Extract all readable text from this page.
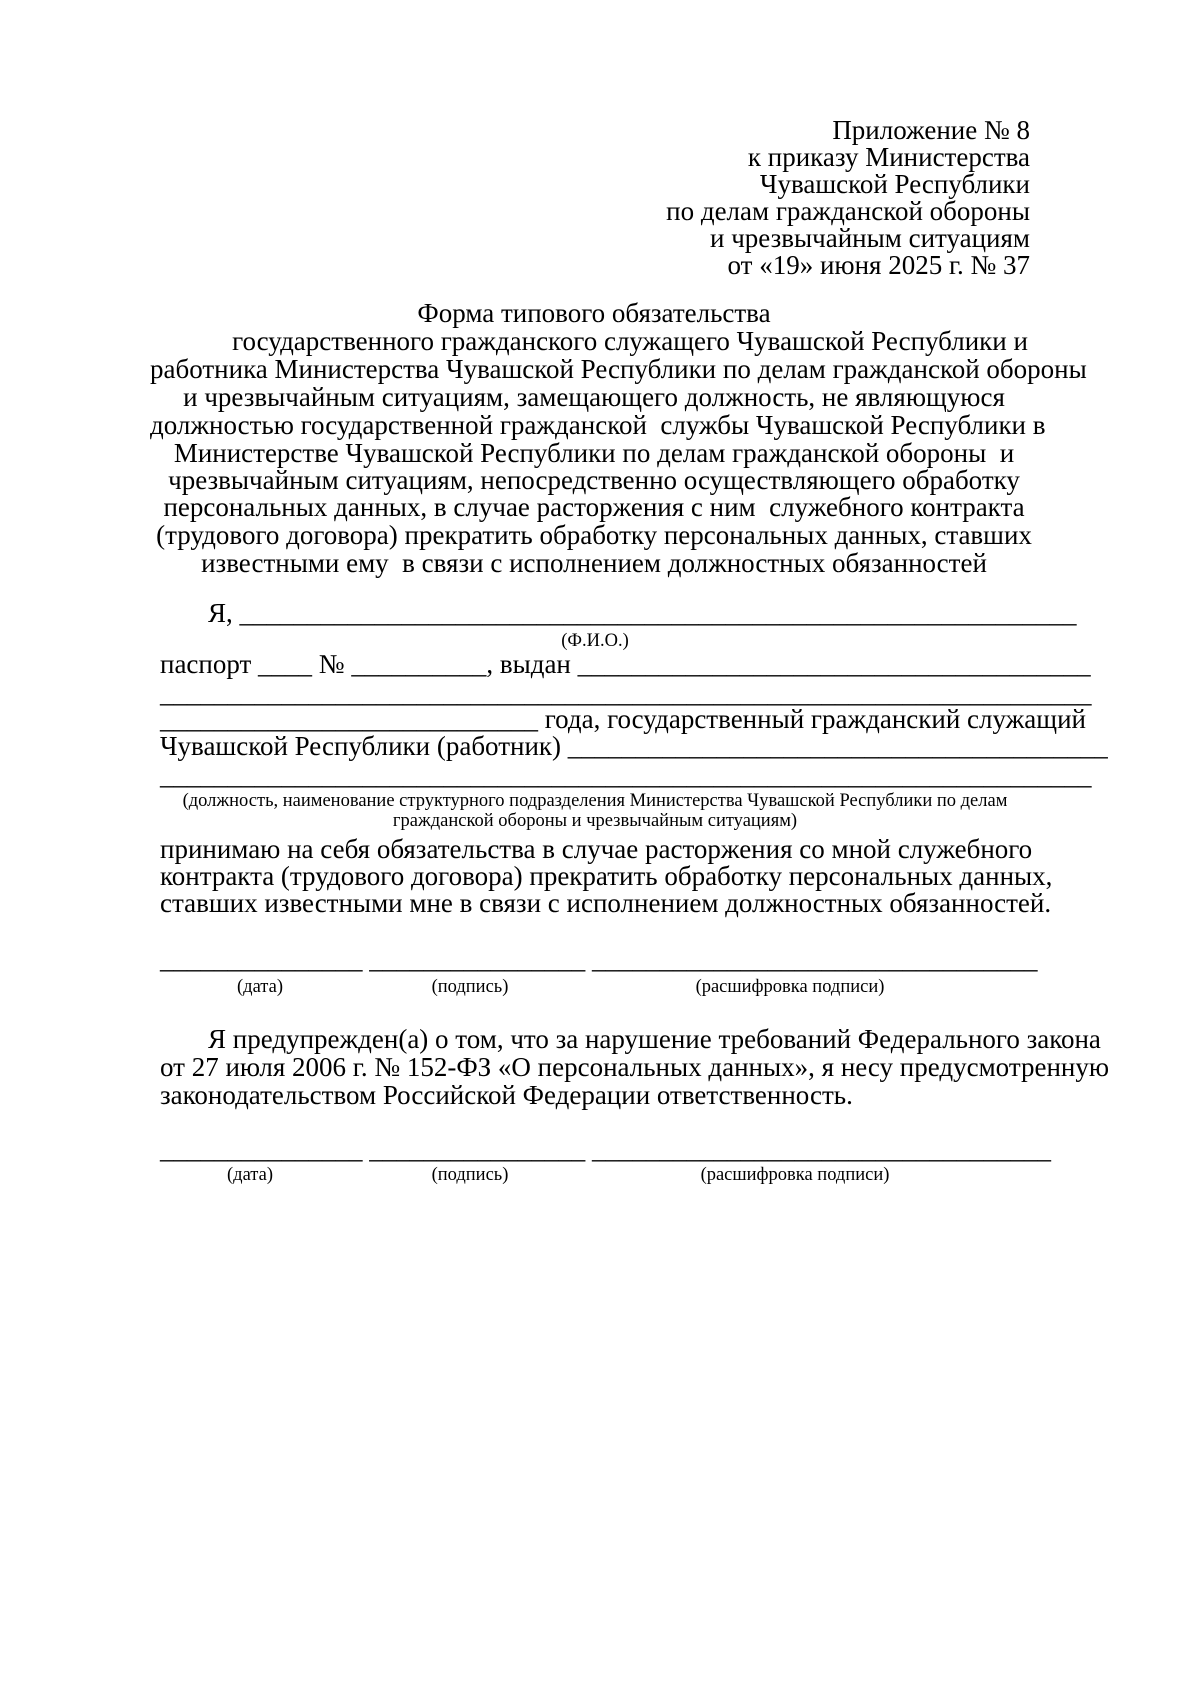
Приложение № 8
к приказу Министерства
Чувашской Республики
по делам гражданской обороны
и чрезвычайным ситуациям
от «19» июня 2025 г. № 37
Форма типового обязательства
государственного гражданского служащего Чувашской Республики и
работника Министерства Чувашской Республики по делам гражданской обороны
и чрезвычайным ситуациям, замещающего должность, не являющуюся
должностью государственной гражданской  службы Чувашской Республики в
Министерстве Чувашской Республики по делам гражданской обороны  и
чрезвычайным ситуациям, непосредственно осуществляющего обработку
персональных данных, в случае расторжения с ним  служебного контракта
(трудового договора) прекратить обработку персональных данных, ставших
известными ему  в связи с исполнением должностных обязанностей
Я, ______________________________________________________________
(Ф.И.О.)
паспорт ____ № __________, выдан ______________________________________
_____________________________________________________________________
____________________________ года, государственный гражданский служащий
Чувашской Республики (работник) ________________________________________
_____________________________________________________________________
(должность, наименование структурного подразделения Министерства Чувашской Республики по делам
гражданской обороны и чрезвычайным ситуациям)
принимаю на себя обязательства в случае расторжения со мной служебного
контракта (трудового договора) прекратить обработку персональных данных,
ставших известными мне в связи с исполнением должностных обязанностей.
_______________ ________________ _________________________________
(дата)	(подпись)	(расшифровка подписи)
Я предупрежден(а) о том, что за нарушение требований Федерального закона
от 27 июля 2006 г. № 152-ФЗ «О персональных данных», я несу предусмотренную
законодательством Российской Федерации ответственность.
_______________ ________________ __________________________________
(дата)	(подпись)	(расшифровка подписи)
